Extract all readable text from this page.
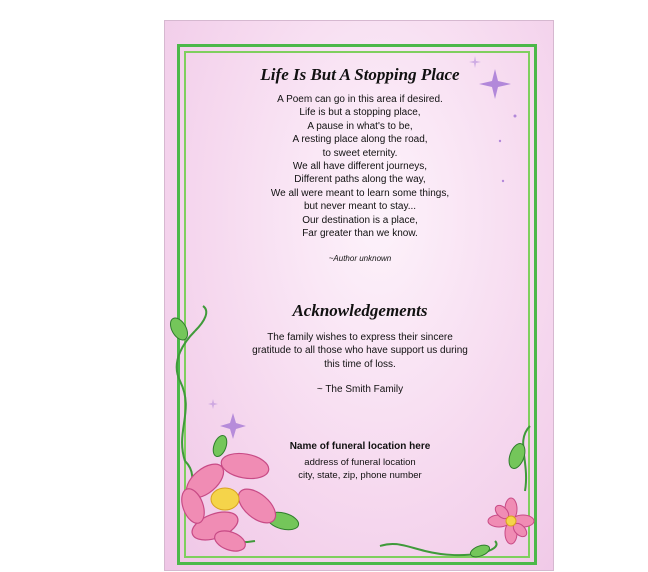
Life Is But A Stopping Place
A Poem can go in this area if desired.
Life is but a stopping place,
A pause in what's to be,
A resting place along the road,
to sweet eternity.
We all have different journeys,
Different paths along the way,
We all were meant to learn some things,
but never meant to stay...
Our destination is a place,
Far greater than we know.
~Author unknown
Acknowledgements
The family wishes to express their sincere
gratitude to all those who have support us during
this time of loss.
~ The Smith Family
Name of funeral location here
address of funeral location
city, state, zip, phone number
